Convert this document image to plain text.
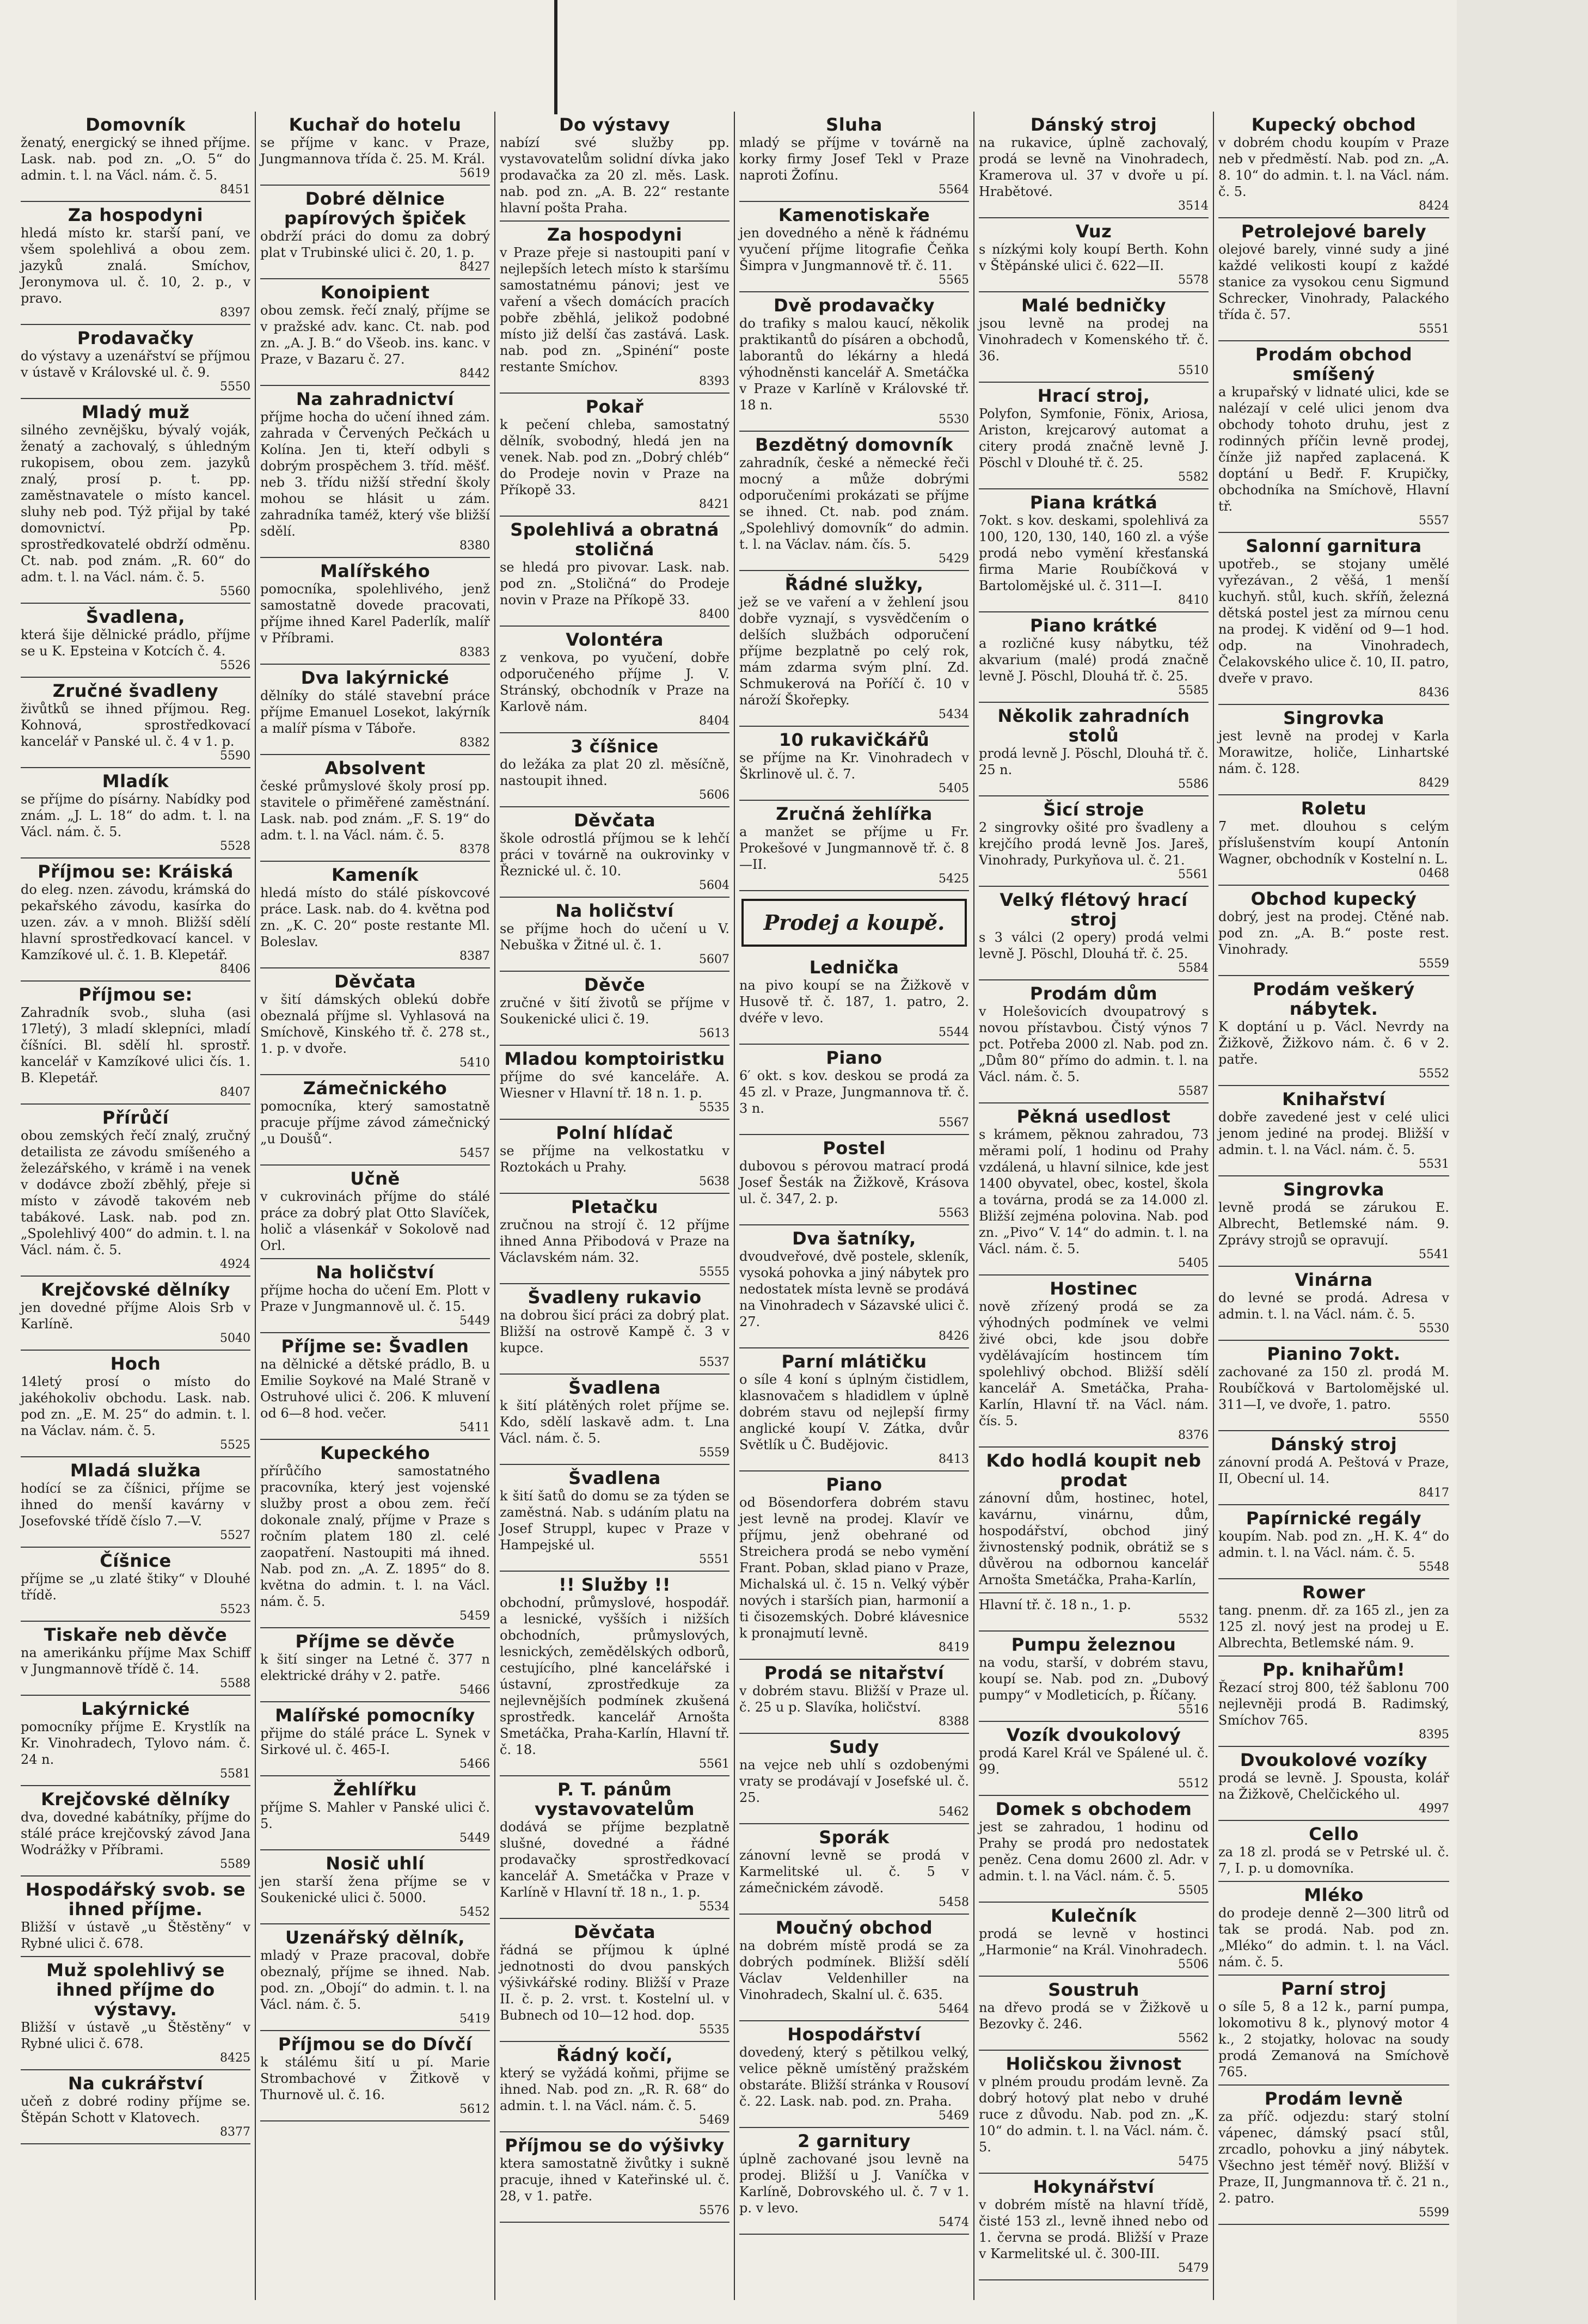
Domovník
ženatý, energický se ihned příjme. Lask. nab. pod zn. „O. 5“ do admin. t. l. na Václ. nám. č. 5.
8451
Za hospodyni
hledá místo kr. starší paní, ve všem spolehlivá a obou zem. jazyků znalá. Smíchov, Jeronymova ul. č. 10, 2. p., v pravo.
8397
Prodavačky
do výstavy a uzenářství se příjmou v ústavě v Královské ul. č. 9.
5550
Mladý muž
silného zevnějšku, bývalý voják, ženatý a zachovalý, s úhledným rukopisem, obou zem. jazyků znalý, prosí p. t. pp. zaměstnavatele o místo kancel. sluhy neb pod. Týž přijal by také domovnictví. Pp. sprostředkovatelé obdrží odměnu. Ct. nab. pod znám. „R. 60“ do adm. t. l. na Václ. nám. č. 5.
5560
Švadlena,
která šije dělnické prádlo, příjme se u K. Epsteina v Kotcích č. 4.
5526
Zručné švadleny
živůtků se ihned příjmou. Reg. Kohnová, sprostředkovací kancelář v Panské ul. č. 4 v 1. p.
5590
Mladík
se příjme do písárny. Nabídky pod znám. „J. L. 18“ do adm. t. l. na Václ. nám. č. 5.
5528
Příjmou se: Kráiská
do eleg. nzen. závodu, krámská do pekařského závodu, kasírka do uzen. záv. a v mnoh. Bližší sdělí hlavní sprostředkovací kancel. v Kamzíkové ul. č. 1. B. Klepetář.
8406
Příjmou se:
Zahradník svob., sluha (asi 17letý), 3 mladí sklepníci, mladí číšníci. Bl. sdělí hl. sprostř. kancelář v Kamzíkové ulici čís. 1. B. Klepetář.
8407
Přírůčí
obou zemských řečí znalý, zručný detailista ze závodu smíšeného a železářského, v krámě i na venek v dodávce zboží zběhlý, přeje si místo v závodě takovém neb tabákové. Lask. nab. pod zn. „Spolehlivý 400“ do admin. t. l. na Václ. nám. č. 5.
4924
Krejčovské dělníky
jen dovedné příjme Alois Srb v Karlíně.
5040
Hoch
14letý prosí o místo do jakéhokoliv obchodu. Lask. nab. pod zn. „E. M. 25“ do admin. t. l. na Václav. nám. č. 5.
5525
Mladá služka
hodící se za číšnici, příjme se ihned do menší kavárny v Josefovské třídě číslo 7.—V.
5527
Číšnice
příjme se „u zlaté štiky“ v Dlouhé třídě.
5523
Tiskaře neb děvče
na amerikánku příjme Max Schiff v Jungmannově třídě č. 14.
5588
Lakýrnické
pomocníky příjme E. Krystlík na Kr. Vinohradech, Tylovo nám. č. 24 n.
5581
Krejčovské dělníky
dva, dovedné kabátníky, příjme do stálé práce krejčovský závod Jana Wodrážky v Příbrami.
5589
Hospodářský svob. se ihned příjme.
Bližší v ústavě „u Štěstěny“ v Rybné ulici č. 678.
Muž spolehlivý se ihned příjme do výstavy.
Bližší v ústavě „u Štěstěny“ v Rybné ulici č. 678.
8425
Na cukrářství
učeň z dobré rodiny příjme se. Štěpán Schott v Klatovech.
8377
Kuchař do hotelu
se příjme v kanc. v Praze, Jungmannova třída č. 25. M. Král.
5619
Dobré dělnice papírových špiček
obdrží práci do domu za dobrý plat v Trubinské ulici č. 20, 1. p.
8427
Konoipient
obou zemsk. řečí znalý, příjme se v pražské adv. kanc. Ct. nab. pod zn. „A. J. B.“ do Všeob. ins. kanc. v Praze, v Bazaru č. 27.
8442
Na zahradnictví
příjme hocha do učení ihned zám. zahrada v Červených Pečkách u Kolína. Jen ti, kteří odbyli s dobrým prospěchem 3. tříd. měšť. neb 3. třídu nižší střední školy mohou se hlásit u zám. zahradníka taméž, který vše bližší sdělí.
8380
Malířského
pomocníka, spolehlivého, jenž samostatně dovede pracovati, příjme ihned Karel Paderlík, malíř v Příbrami.
8383
Dva lakýrnické
dělníky do stálé stavební práce příjme Emanuel Losekot, lakýrník a malíř písma v Táboře.
8382
Absolvent
české průmyslové školy prosí pp. stavitele o přiměřené zaměstnání. Lask. nab. pod znám. „F. S. 19“ do adm. t. l. na Václ. nám. č. 5.
8378
Kameník
hledá místo do stálé pískovcové práce. Lask. nab. do 4. května pod zn. „K. C. 20“ poste restante Ml. Boleslav.
8387
Děvčata
v šití dámských oblekú dobře obeznalá příjme sl. Vyhlasová na Smíchově, Kinského tř. č. 278 st., 1. p. v dvoře.
5410
Zámečnického
pomocníka, který samostatně pracuje příjme závod zámečnický „u Doušů“.
5457
Učně
v cukrovinách příjme do stálé práce za dobrý plat Otto Slavíček, holič a vlásenkář v Sokolově nad Orl.
Na holičství
příjme hocha do učení Em. Plott v Praze v Jungmannově ul. č. 15.
5449
Příjme se: Švadlen
na dělnické a dětské prádlo, B. u Emilie Soykové na Malé Straně v Ostruhové ulici č. 206. K mluvení od 6—8 hod. večer.
5411
Kupeckého
přírůčího samostatného pracovníka, který jest vojenské služby prost a obou zem. řečí dokonale znalý, příjme v Praze s ročním platem 180 zl. celé zaopatření. Nastoupiti má ihned. Nab. pod zn. „A. Z. 1895“ do 8. května do admin. t. l. na Václ. nám. č. 5.
5459
Příjme se děvče
k šití singer na Letné č. 377 n elektrické dráhy v 2. patře.
5466
Malířské pomocníky
přijme do stálé práce L. Synek v Sirkové ul. č. 465-I.
5466
Žehlířku
příjme S. Mahler v Panské ulici č. 5.
5449
Nosič uhlí
jen starší žena příjme se v Soukenické ulici č. 5000.
5452
Uzenářský dělník,
mladý v Praze pracoval, dobře obeznalý, příjme se ihned. Nab. pod. zn. „Obojí“ do admin. t. l. na Václ. nám. č. 5.
5419
Příjmou se do Dívčí
k stálému šití u pí. Marie Strombachové v Žitkově v Thurnově ul. č. 16.
5612
Do výstavy
nabízí své služby pp. vystavovatelům solidní dívka jako prodavačka za 20 zl. měs. Lask. nab. pod zn. „A. B. 22“ restante hlavní pošta Praha.
Za hospodyni
v Praze přeje si nastoupiti paní v nejlepších letech místo k staršímu samostatnému pánovi; jest ve vaření a všech domácích pracích pobře zběhlá, jelikož podobné místo již delší čas zastává. Lask. nab. pod zn. „Spinéní“ poste restante Smíchov.
8393
Pokař
k pečení chleba, samostatný dělník, svobodný, hledá jen na venek. Nab. pod zn. „Dobrý chléb“ do Prodeje novin v Praze na Příkopě 33.
8421
Spolehlivá a obratná stoličná
se hledá pro pivovar. Lask. nab. pod zn. „Stoličná“ do Prodeje novin v Praze na Příkopě 33.
8400
Volontéra
z venkova, po vyučení, dobře odporučeného příjme J. V. Stránský, obchodník v Praze na Karlově nám.
8404
3 číšnice
do ležáka za plat 20 zl. měsíčně, nastoupit ihned.
5606
Děvčata
škole odrostlá příjmou se k lehčí práci v továrně na oukrovinky v Řeznické ul. č. 10.
5604
Na holičství
se příjme hoch do učení u V. Nebuška v Žitné ul. č. 1.
5607
Děvče
zručné v šití životů se příjme v Soukenické ulici č. 19.
5613
Mladou komptoiristku
příjme do své kanceláře. A. Wiesner v Hlavní tř. 18 n. 1. p.
5535
Polní hlídač
se příjme na velkostatku v Roztokách u Prahy.
5638
Pletačku
zručnou na strojí č. 12 příjme ihned Anna Přibodová v Praze na Václavském nám. 32.
5555
Švadleny rukavio
na dobrou šicí práci za dobrý plat. Bližší na ostrově Kampě č. 3 v kupce.
5537
Švadlena
k šití plátěných rolet příjme se. Kdo, sdělí laskavě adm. t. Lna Václ. nám. č. 5.
5559
Švadlena
k šití šatů do domu se za týden se zaměstná. Nab. s udáním platu na Josef Struppl, kupec v Praze v Hampejské ul.
5551
!! Služby !!
obchodní, průmyslové, hospodář. a lesnické, vyšších i nižších obchodních, průmyslových, lesnických, zemědělských odborů, cestujícího, plné kancelářské i ústavní, zprostředkuje za nejlevnějších podmínek zkušená sprostředk. kancelář Arnošta Smetáčka, Praha-Karlín, Hlavní tř. č. 18.
5561
P. T. pánům vystavovatelům
dodává se příjme bezplatně slušné, dovedné a řádné prodavačky sprostředkovací kancelář A. Smetáčka v Praze v Karlíně v Hlavní tř. 18 n., 1. p.
5534
Děvčata
řádná se příjmou k úplné jednotnosti do dvou panských výšivkářské rodiny. Bližší v Praze II. č. p. 2. vrst. t. Kostelní ul. v Bubnech od 10—12 hod. dop.
5535
Řádný kočí,
který se vyžádá koňmi, přijme se ihned. Nab. pod zn. „R. R. 68“ do admin. t. l. na Václ. nám. č. 5.
5469
Příjmou se do výšivky
ktera samostatně živůtky i sukně pracuje, ihned v Kateřinské ul. č. 28, v 1. patře.
5576
Sluha
mladý se příjme v továrně na korky firmy Josef Tekl v Praze naproti Žofínu.
5564
Kamenotiskaře
jen dovedného a něně k řádnému vyučení příjme litografie Čeňka Šimpra v Jungmannově tř. č. 11.
5565
Dvě prodavačky
do trafiky s malou kaucí, několik praktikantů do písáren a obchodů, laborantů do lékárny a hledá výhodněnsti kancelář A. Smetáčka v Praze v Karlíně v Královské tř. 18 n.
5530
Bezdětný domovník
zahradník, české a německé řeči mocný a může dobrými odporučeními prokázati se příjme se ihned. Ct. nab. pod znám. „Spolehlivý domovník“ do admin. t. l. na Václav. nám. čís. 5.
5429
Řádné služky,
jež se ve vaření a v žehlení jsou dobře vyznají, s vysvědčením o delších službách odporučení příjme bezplatně po celý rok, mám zdarma svým plní. Zd. Schmukerová na Poříčí č. 10 v nároží Škořepky.
5434
10 rukavičkářů
se příjme na Kr. Vinohradech v Škrlinově ul. č. 7.
5405
Zručná žehlířka
a manžet se příjme u Fr. Prokešové v Jungmannově tř. č. 8—II.
5425
Prodej a koupě.
Lednička
na pivo koupí se na Žižkově v Husově tř. č. 187, 1. patro, 2. dvéře v levo.
5544
Piano
6′ okt. s kov. deskou se prodá za 45 zl. v Praze, Jungmannova tř. č. 3 n.
5567
Postel
dubovou s pérovou matrací prodá Josef Šesták na Žižkově, Krásova ul. č. 347, 2. p.
5563
Dva šatníky,
dvoudveřové, dvě postele, skleník, vysoká pohovka a jiný nábytek pro nedostatek místa levně se prodává na Vinohradech v Sázavské ulici č. 27.
8426
Parní mlátičku
o síle 4 koní s úplným čistidlem, klasnovačem s hladidlem v úplně dobrém stavu od nejlepší firmy anglické koupí V. Zátka, dvůr Světlík u Č. Budějovic.
8413
Piano
od Bösendorfera dobrém stavu jest levně na prodej. Klavír ve příjmu, jenž obehrané od Streichera prodá se nebo vymění Frant. Poban, sklad piano v Praze, Michalská ul. č. 15 n. Velký výběr nových i starších pian, harmonií a ti čisozemských. Dobré klávesnice k pronajmutí levně.
8419
Prodá se nitařství
v dobrém stavu. Bližší v Praze ul. č. 25 u p. Slavíka, holičství.
8388
Sudy
na vejce neb uhlí s ozdobenými vraty se prodávají v Josefské ul. č. 25.
5462
Sporák
zánovní levně se prodá v Karmelitské ul. č. 5 v zámečnickém závodě.
5458
Moučný obchod
na dobrém místě prodá se za dobrých podmínek. Bližší sdělí Václav Veldenhiller na Vinohradech, Skalní ul. č. 635.
5464
Hospodářství
dovedený, který s pětilkou velký, velice pěkně umístěný pražském obstaráte. Bližší stránka v Rousoví č. 22. Lask. nab. pod. zn. Praha.
5469
2 garnitury
úplně zachované jsou levně na prodej. Bližší u J. Vaníčka v Karlíně, Dobrovského ul. č. 7 v 1. p. v levo.
5474
Dánský stroj
na rukavice, úplně zachovalý, prodá se levně na Vinohradech, Kramerova ul. 37 v dvoře u pí. Hrabětové.
3514
Vuz
s nízkými koly koupí Berth. Kohn v Štěpánské ulici č. 622—II.
5578
Malé bedničky
jsou levně na prodej na Vinohradech v Komenského tř. č. 36.
5510
Hrací stroj,
Polyfon, Symfonie, Fönix, Ariosa, Ariston, krejcarový automat a citery prodá značně levně J. Pöschl v Dlouhé tř. č. 25.
5582
Piana krátká
7okt. s kov. deskami, spolehlivá za 100, 120, 130, 140, 160 zl. a výše prodá nebo vymění křesťanská firma Marie Roubíčková v Bartolomějské ul. č. 311—I.
8410
Piano krátké
a rozličné kusy nábytku, též akvarium (malé) prodá značně levně J. Pöschl, Dlouhá tř. č. 25.
5585
Několik zahradních stolů
prodá levně J. Pöschl, Dlouhá tř. č. 25 n.
5586
Šicí stroje
2 singrovky ošité pro švadleny a krejčího prodá levně Jos. Jareš, Vinohrady, Purkyňova ul. č. 21.
5561
Velký flétový hrací stroj
s 3 válci (2 opery) prodá velmi levně J. Pöschl, Dlouhá tř. č. 25.
5584
Prodám dům
v Holešovicích dvoupatrový s novou přístavbou. Čistý výnos 7 pct. Potřeba 2000 zl. Nab. pod zn. „Dům 80“ přímo do admin. t. l. na Václ. nám. č. 5.
5587
Pěkná usedlost
s krámem, pěknou zahradou, 73 měrami polí, 1 hodinu od Prahy vzdálená, u hlavní silnice, kde jest 1400 obyvatel, obec, kostel, škola a továrna, prodá se za 14.000 zl. Bližší zejména polovina. Nab. pod zn. „Pivo“ V. 14“ do admin. t. l. na Václ. nám. č. 5.
5405
Hostinec
nově zřízený prodá se za výhodných podmínek ve velmi živé obci, kde jsou dobře vydělávajícím hostincem tím spolehlivý obchod. Bližší sdělí kancelář A. Smetáčka, Praha-Karlín, Hlavní tř. na Václ. nám. čís. 5.
8376
Kdo hodlá koupit neb prodat
zánovní dům, hostinec, hotel, kavárnu, vinárnu, dům, hospodářství, obchod jiný živnostenský podnik, obrátiž se s důvěrou na odbornou kancelář Arnošta Smetáčka, Praha-Karlín,
Hlavní tř. č. 18 n., 1. p.
5532
Pumpu železnou
na vodu, starší, v dobrém stavu, koupí se. Nab. pod zn. „Dubový pumpy“ v Modleticích, p. Říčany.
5516
Vozík dvoukolový
prodá Karel Král ve Spálené ul. č. 99.
5512
Domek s obchodem
jest se zahradou, 1 hodinu od Prahy se prodá pro nedostatek peněz. Cena domu 2600 zl. Adr. v admin. t. l. na Václ. nám. č. 5.
5505
Kulečník
prodá se levně v hostinci „Harmonie“ na Král. Vinohradech.
5506
Soustruh
na dřevo prodá se v Žižkově u Bezovky č. 246.
5562
Holičskou živnost
v plném proudu prodám levně. Za dobrý hotový plat nebo v druhé ruce z důvodu. Nab. pod zn. „K. 10“ do admin. t. l. na Václ. nám. č. 5.
5475
Hokynářství
v dobrém místě na hlavní třídě, čisté 153 zl., levně ihned nebo od 1. června se prodá. Bližší v Praze v Karmelitské ul. č. 300-III.
5479
Kupecký obchod
v dobrém chodu koupím v Praze neb v předměstí. Nab. pod zn. „A. 8. 10“ do admin. t. l. na Václ. nám. č. 5.
8424
Petrolejové barely
olejové barely, vinné sudy a jiné každé velikosti koupí z každé stanice za vysokou cenu Sigmund Schrecker, Vinohrady, Palackého třída č. 57.
5551
Prodám obchod smíšený
a krupařský v lidnaté ulici, kde se nalézají v celé ulici jenom dva obchody tohoto druhu, jest z rodinných příčin levně prodej, čínže již napřed zaplacená. K doptání u Bedř. F. Krupičky, obchodníka na Smíchově, Hlavní tř.
5557
Salonní garnitura
upotřeb., se stojany umělé vyřezávan., 2 věšá, 1 menší kuchyň. stůl, kuch. skříň, železná dětská postel jest za mírnou cenu na prodej. K vidění od 9—1 hod. odp. na Vinohradech, Čelakovského ulice č. 10, II. patro, dveře v pravo.
8436
Singrovka
jest levně na prodej v Karla Morawitze, holiče, Linhartské nám. č. 128.
8429
Roletu
7 met. dlouhou s celým příslušenstvím koupí Antonín Wagner, obchodník v Kostelní n. L.
0468
Obchod kupecký
dobrý, jest na prodej. Ctěné nab. pod zn. „A. B.“ poste rest. Vinohrady.
5559
Prodám veškerý nábytek.
K doptání u p. Václ. Nevrdy na Žižkově, Žižkovo nám. č. 6 v 2. patře.
5552
Knihařství
dobře zavedené jest v celé ulici jenom jediné na prodej. Bližší v admin. t. l. na Václ. nám. č. 5.
5531
Singrovka
levně prodá se zárukou E. Albrecht, Betlemské nám. 9. Zprávy strojů se opravují.
5541
Vinárna
do levné se prodá. Adresa v admin. t. l. na Václ. nám. č. 5.
5530
Pianino 7okt.
zachované za 150 zl. prodá M. Roubíčková v Bartolomějské ul. 311—I, ve dvoře, 1. patro.
5550
Dánský stroj
zánovní prodá A. Peštová v Praze, II, Obecní ul. 14.
8417
Papírnické regály
koupím. Nab. pod zn. „H. K. 4“ do admin. t. l. na Václ. nám. č. 5.
5548
Rower
tang. pnenm. dř. za 165 zl., jen za 125 zl. nový jest na prodej u E. Albrechta, Betlemské nám. 9.
Pp. knihařům!
Řezací stroj 800, též šablonu 700 nejlevněji prodá B. Radimský, Smíchov 765.
8395
Dvoukolové vozíky
prodá se levně. J. Spousta, kolář na Žižkově, Chelčického ul.
4997
Cello
za 18 zl. prodá se v Petrské ul. č. 7, I. p. u domovníka.
Mléko
do prodeje denně 2—300 litrů od tak se prodá. Nab. pod zn. „Mléko“ do admin. t. l. na Václ. nám. č. 5.
Parní stroj
o síle 5, 8 a 12 k., parní pumpa, lokomotivu 8 k., plynový motor 4 k., 2 stojatky, holovac na soudy prodá Zemanová na Smíchově 765.
Prodám levně
za příč. odjezdu: starý stolní vápenec, dámský psací stůl, zrcadlo, pohovku a jiný nábytek. Všechno jest téměř nový. Bližší v Praze, II, Jungmannova tř. č. 21 n., 2. patro.
5599
